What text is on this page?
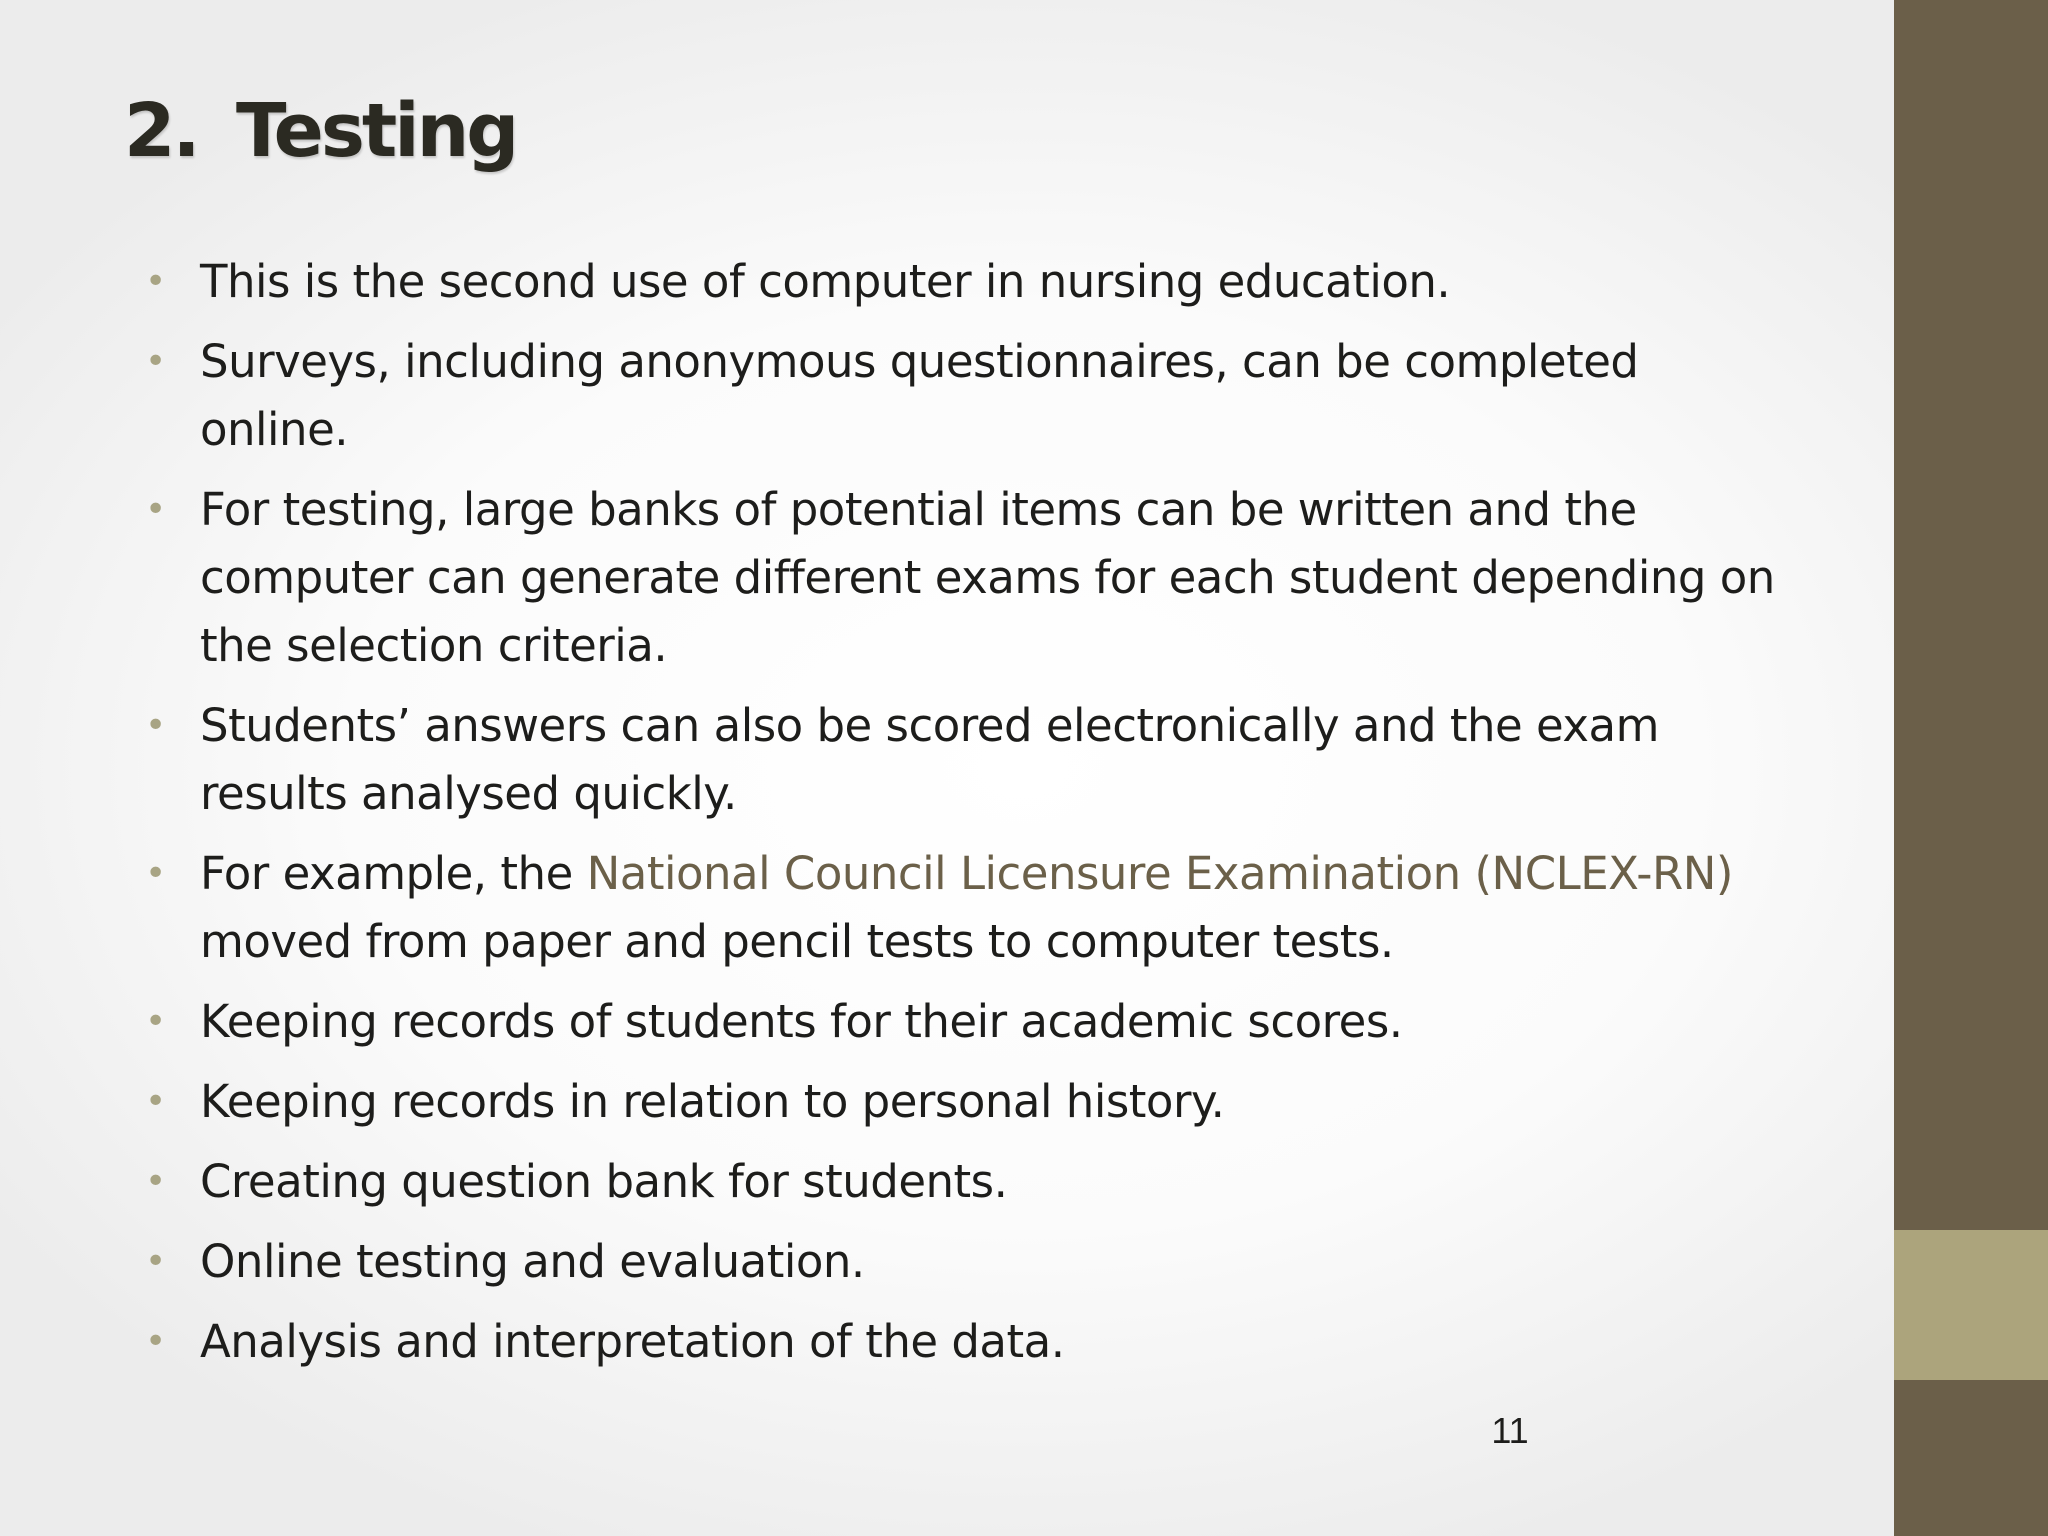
2. Testing
• This is the second use of computer in nursing education.
• Surveys, including anonymous questionnaires, can be completed online.
• For testing, large banks of potential items can be written and the computer can generate different exams for each student depending on the selection criteria.
• Students’ answers can also be scored electronically and the exam results analysed quickly.
• For example, the National Council Licensure Examination (NCLEX-RN) moved from paper and pencil tests to computer tests.
• Keeping records of students for their academic scores.
• Keeping records in relation to personal history.
• Creating question bank for students.
• Online testing and evaluation.
• Analysis and interpretation of the data.
11
